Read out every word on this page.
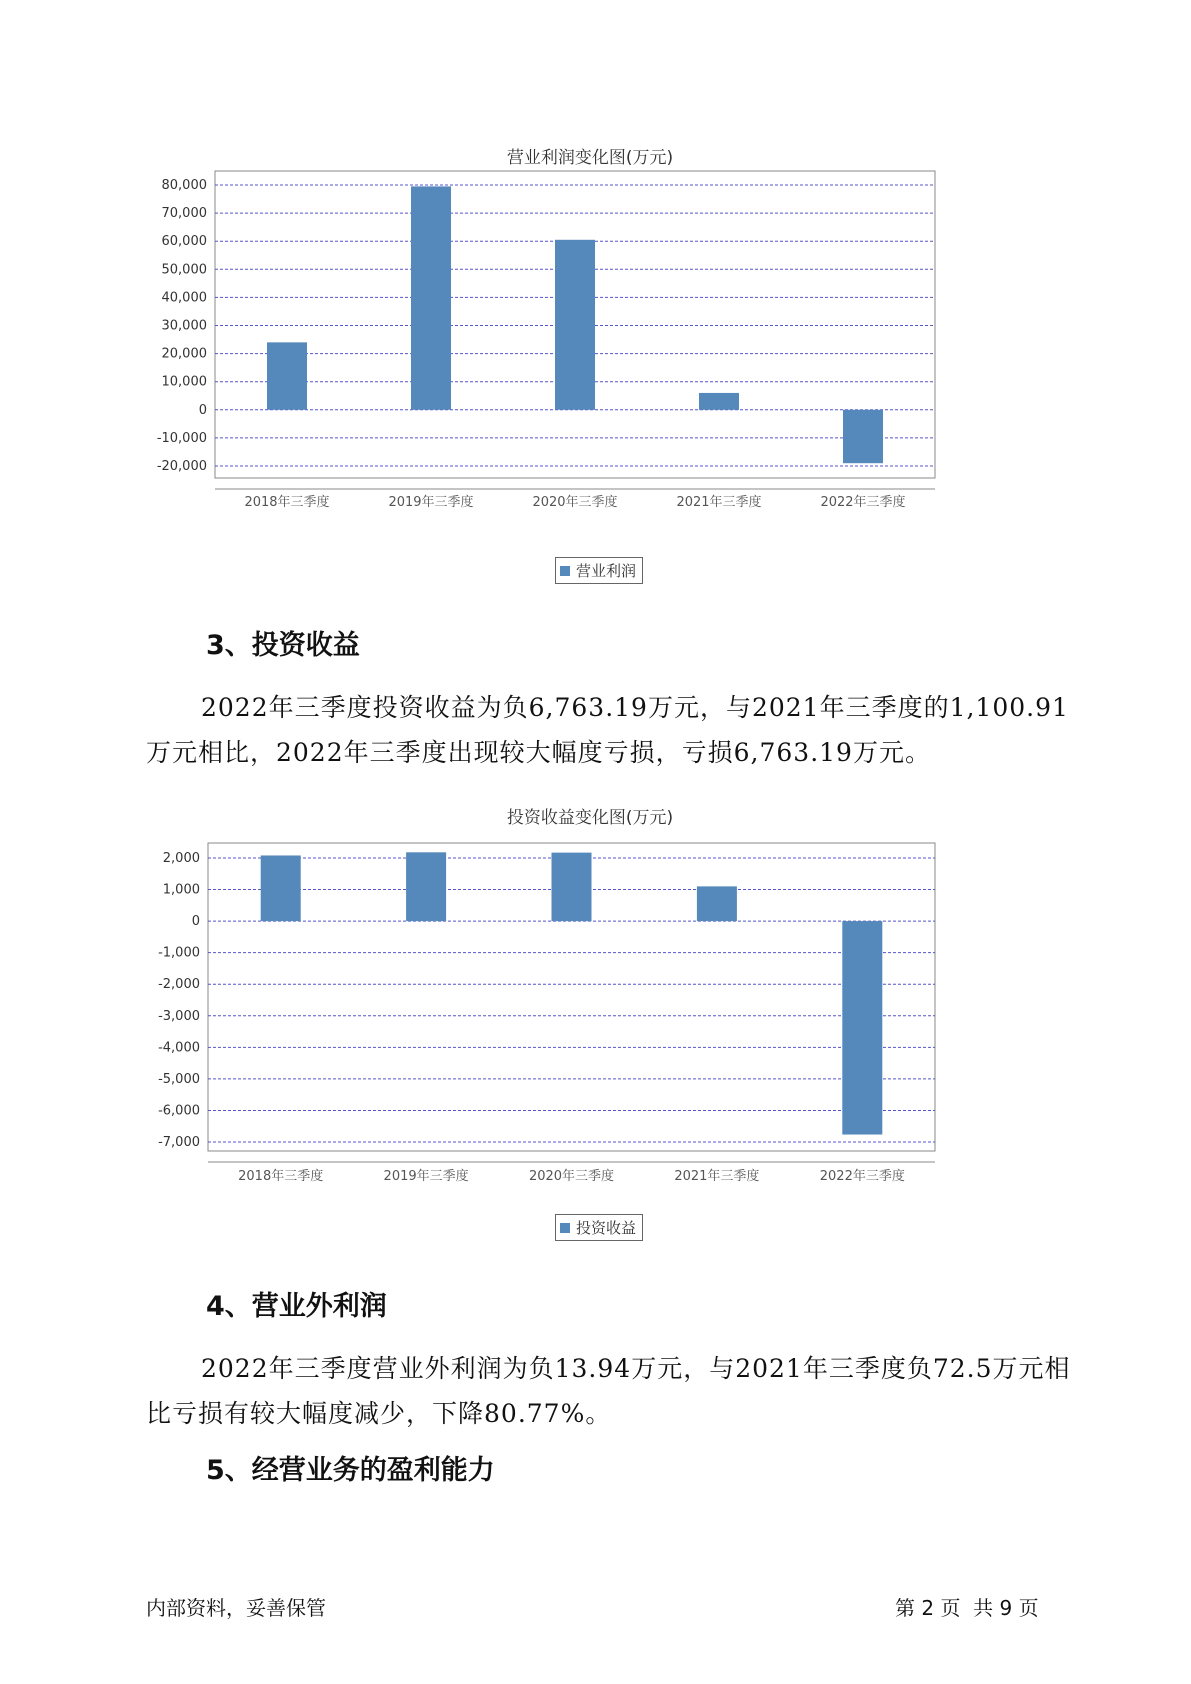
营业利润变化图(万元)
80,000
70,000
60,000
50,000
40,000
30,000
20,000
10,000
0
-10,000
-20,000
2018年三季度	2019年三季度	2020年三季度	2021年三季度	2022年三季度
营业利润
3、投资收益
2022年三季度投资收益为负6,763.19万元，与2021年三季度的1,100.91万元相比，2022年三季度出现较大幅度亏损，亏损6,763.19万元。
投资收益变化图(万元)
2,000
1,000
0
-1,000
-2,000
-3,000
-4,000
-5,000
-6,000
-7,000
2018年三季度	2019年三季度	2020年三季度	2021年三季度	2022年三季度
投资收益
4、营业外利润
2022年三季度营业外利润为负13.94万元，与2021年三季度负72.5万元相比亏损有较大幅度减少，下降80.77%。
5、经营业务的盈利能力
内部资料，妥善保管	第 2 页  共 9 页
